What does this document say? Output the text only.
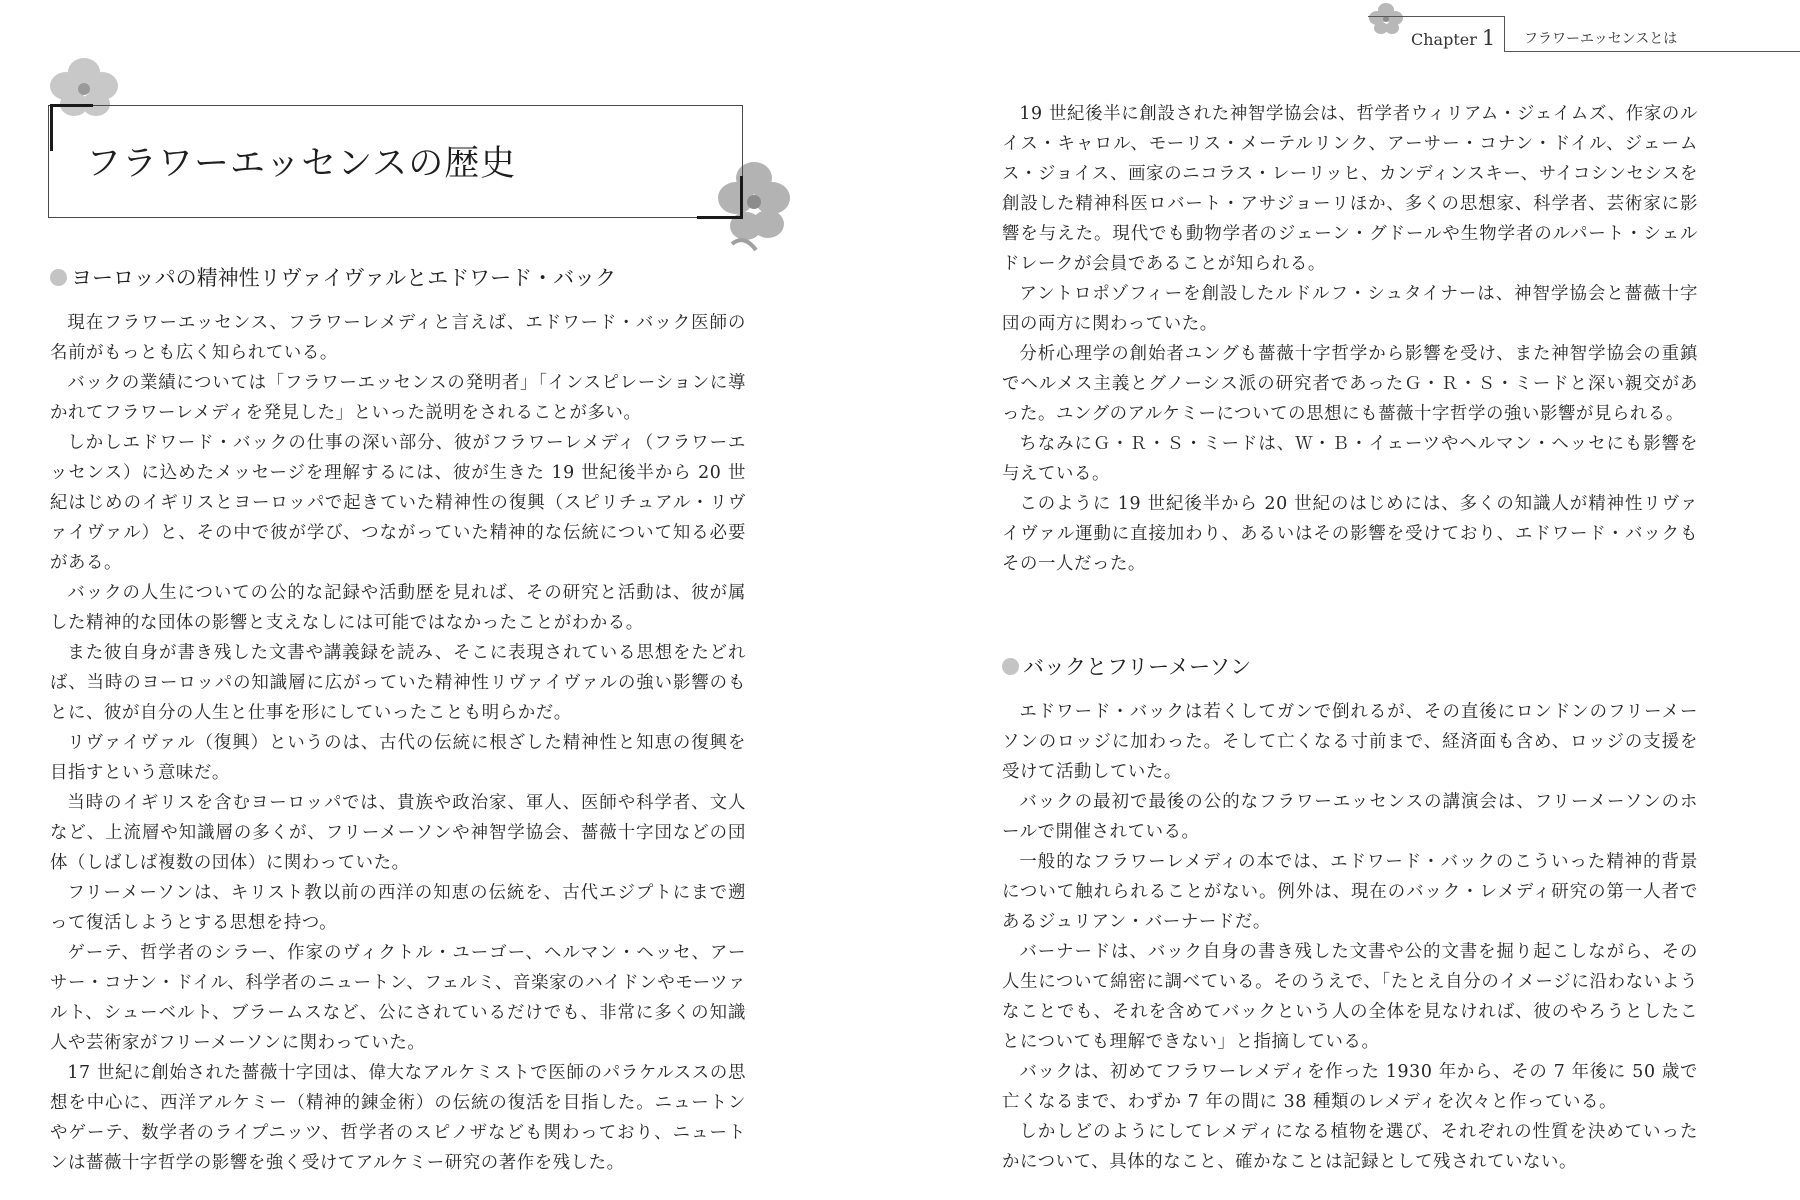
フラワーエッセンスの歴史
ヨーロッパの精神性リヴァイヴァルとエドワード・バック

現在フラワーエッセンス、フラワーレメディと言えば、エドワード・バック医師の名前がもっとも広く知られている。

バックの業績については「フラワーエッセンスの発明者」「インスピレーションに導かれてフラワーレメディを発見した」といった説明をされることが多い。

しかしエドワード・バックの仕事の深い部分、彼がフラワーレメディ（フラワーエッセンス）に込めたメッセージを理解するには、彼が生きた 19 世紀後半から 20 世紀はじめのイギリスとヨーロッパで起きていた精神性の復興（スピリチュアル・リヴァイヴァル）と、その中で彼が学び、つながっていた精神的な伝統について知る必要がある。

バックの人生についての公的な記録や活動歴を見れば、その研究と活動は、彼が属した精神的な団体の影響と支えなしには可能ではなかったことがわかる。

また彼自身が書き残した文書や講義録を読み、そこに表現されている思想をたどれば、当時のヨーロッパの知識層に広がっていた精神性リヴァイヴァルの強い影響のもとに、彼が自分の人生と仕事を形にしていったことも明らかだ。

リヴァイヴァル（復興）というのは、古代の伝統に根ざした精神性と知恵の復興を目指すという意味だ。

当時のイギリスを含むヨーロッパでは、貴族や政治家、軍人、医師や科学者、文人など、上流層や知識層の多くが、フリーメーソンや神智学協会、薔薇十字団などの団体（しばしば複数の団体）に関わっていた。

フリーメーソンは、キリスト教以前の西洋の知恵の伝統を、古代エジプトにまで遡って復活しようとする思想を持つ。

ゲーテ、哲学者のシラー、作家のヴィクトル・ユーゴー、ヘルマン・ヘッセ、アーサー・コナン・ドイル、科学者のニュートン、フェルミ、音楽家のハイドンやモーツァルト、シューベルト、ブラームスなど、公にされているだけでも、非常に多くの知識人や芸術家がフリーメーソンに関わっていた。

17 世紀に創始された薔薇十字団は、偉大なアルケミストで医師のパラケルススの思想を中心に、西洋アルケミー（精神的錬金術）の伝統の復活を目指した。ニュートンやゲーテ、数学者のライプニッツ、哲学者のスピノザなども関わっており、ニュートンは薔薇十字哲学の影響を強く受けてアルケミー研究の著作を残した。

Chapter 1 フラワーエッセンスとは

19 世紀後半に創設された神智学協会は、哲学者ウィリアム・ジェイムズ、作家のルイス・キャロル、モーリス・メーテルリンク、アーサー・コナン・ドイル、ジェームス・ジョイス、画家のニコラス・レーリッヒ、カンディンスキー、サイコシンセシスを創設した精神科医ロバート・アサジョーリほか、多くの思想家、科学者、芸術家に影響を与えた。現代でも動物学者のジェーン・グドールや生物学者のルパート・シェルドレークが会員であることが知られる。

アントロポゾフィーを創設したルドルフ・シュタイナーは、神智学協会と薔薇十字団の両方に関わっていた。

分析心理学の創始者ユングも薔薇十字哲学から影響を受け、また神智学協会の重鎮でヘルメス主義とグノーシス派の研究者であったＧ・Ｒ・Ｓ・ミードと深い親交があった。ユングのアルケミーについての思想にも薔薇十字哲学の強い影響が見られる。

ちなみにＧ・Ｒ・Ｓ・ミードは、Ｗ・Ｂ・イェーツやヘルマン・ヘッセにも影響を与えている。

このように 19 世紀後半から 20 世紀のはじめには、多くの知識人が精神性リヴァイヴァル運動に直接加わり、あるいはその影響を受けており、エドワード・バックもその一人だった。

バックとフリーメーソン

エドワード・バックは若くしてガンで倒れるが、その直後にロンドンのフリーメーソンのロッジに加わった。そして亡くなる寸前まで、経済面も含め、ロッジの支援を受けて活動していた。

バックの最初で最後の公的なフラワーエッセンスの講演会は、フリーメーソンのホールで開催されている。

一般的なフラワーレメディの本では、エドワード・バックのこういった精神的背景について触れられることがない。例外は、現在のバック・レメディ研究の第一人者であるジュリアン・バーナードだ。

バーナードは、バック自身の書き残した文書や公的文書を掘り起こしながら、その人生について綿密に調べている。そのうえで、「たとえ自分のイメージに沿わないようなことでも、それを含めてバックという人の全体を見なければ、彼のやろうとしたことについても理解できない」と指摘している。

バックは、初めてフラワーレメディを作った 1930 年から、その 7 年後に 50 歳で亡くなるまで、わずか 7 年の間に 38 種類のレメディを次々と作っている。

しかしどのようにしてレメディになる植物を選び、それぞれの性質を決めていったかについて、具体的なこと、確かなことは記録として残されていない。
